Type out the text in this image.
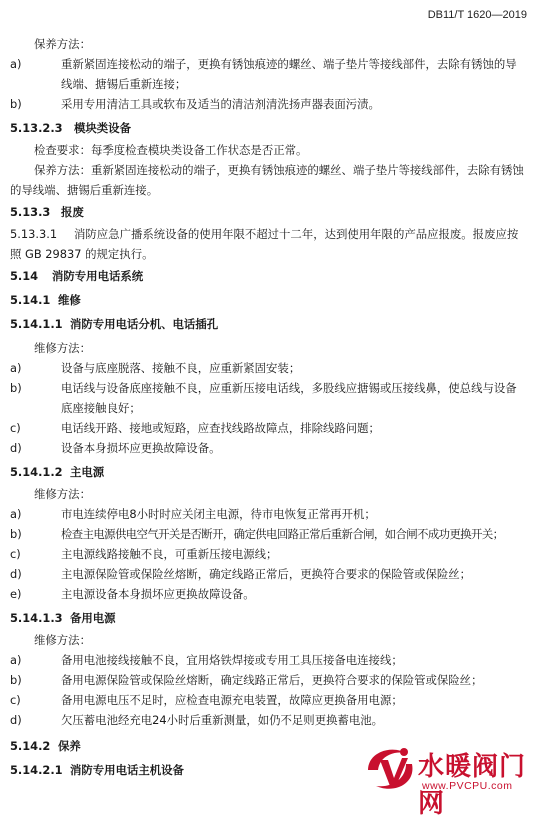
DB11/T 1620—2019
保养方法：
a)	重新紧固连接松动的端子，更换有锈蚀痕迹的螺丝、端子垫片等接线部件，去除有锈蚀的导线端、搪锡后重新连接；
b)	采用专用清洁工具或软布及适当的清洁剂清洗扬声器表面污渍。
5.13.2.3 模块类设备
检查要求：每季度检查模块类设备工作状态是否正常。
保养方法：重新紧固连接松动的端子，更换有锈蚀痕迹的螺丝、端子垫片等接线部件，去除有锈蚀的导线端、搪锡后重新连接。
5.13.3 报废
5.13.3.1	消防应急广播系统设备的使用年限不超过十二年，达到使用年限的产品应报废。报废应按照 GB 29837 的规定执行。
5.14 消防专用电话系统
5.14.1 维修
5.14.1.1 消防专用电话分机、电话插孔
维修方法：
a)	设备与底座脱落、接触不良，应重新紧固安装；
b)	电话线与设备底座接触不良，应重新压接电话线，多股线应搪锡或压接线鼻，使总线与设备底座接触良好；
c)	电话线开路、接地或短路，应查找线路故障点，排除线路问题；
d)	设备本身损坏应更换故障设备。
5.14.1.2 主电源
维修方法：
a)	市电连续停电8小时时应关闭主电源，待市电恢复正常再开机；
b)	检查主电源供电空气开关是否断开，确定供电回路正常后重新合闸，如合闸不成功更换开关；
c)	主电源线路接触不良，可重新压接电源线；
d)	主电源保险管或保险丝熔断，确定线路正常后，更换符合要求的保险管或保险丝；
e)	主电源设备本身损坏应更换故障设备。
5.14.1.3 备用电源
维修方法：
a)	备用电池接线接触不良，宜用烙铁焊接或专用工具压接备电连接线；
b)	备用电源保险管或保险丝熔断，确定线路正常后，更换符合要求的保险管或保险丝；
c)	备用电源电压不足时，应检查电源充电装置，故障应更换备用电源；
d)	欠压蓄电池经充电24小时后重新测量，如仍不足则更换蓄电池。
5.14.2 保养
5.14.2.1 消防专用电话主机设备	水暖阀门网
www.PVCPU.com
